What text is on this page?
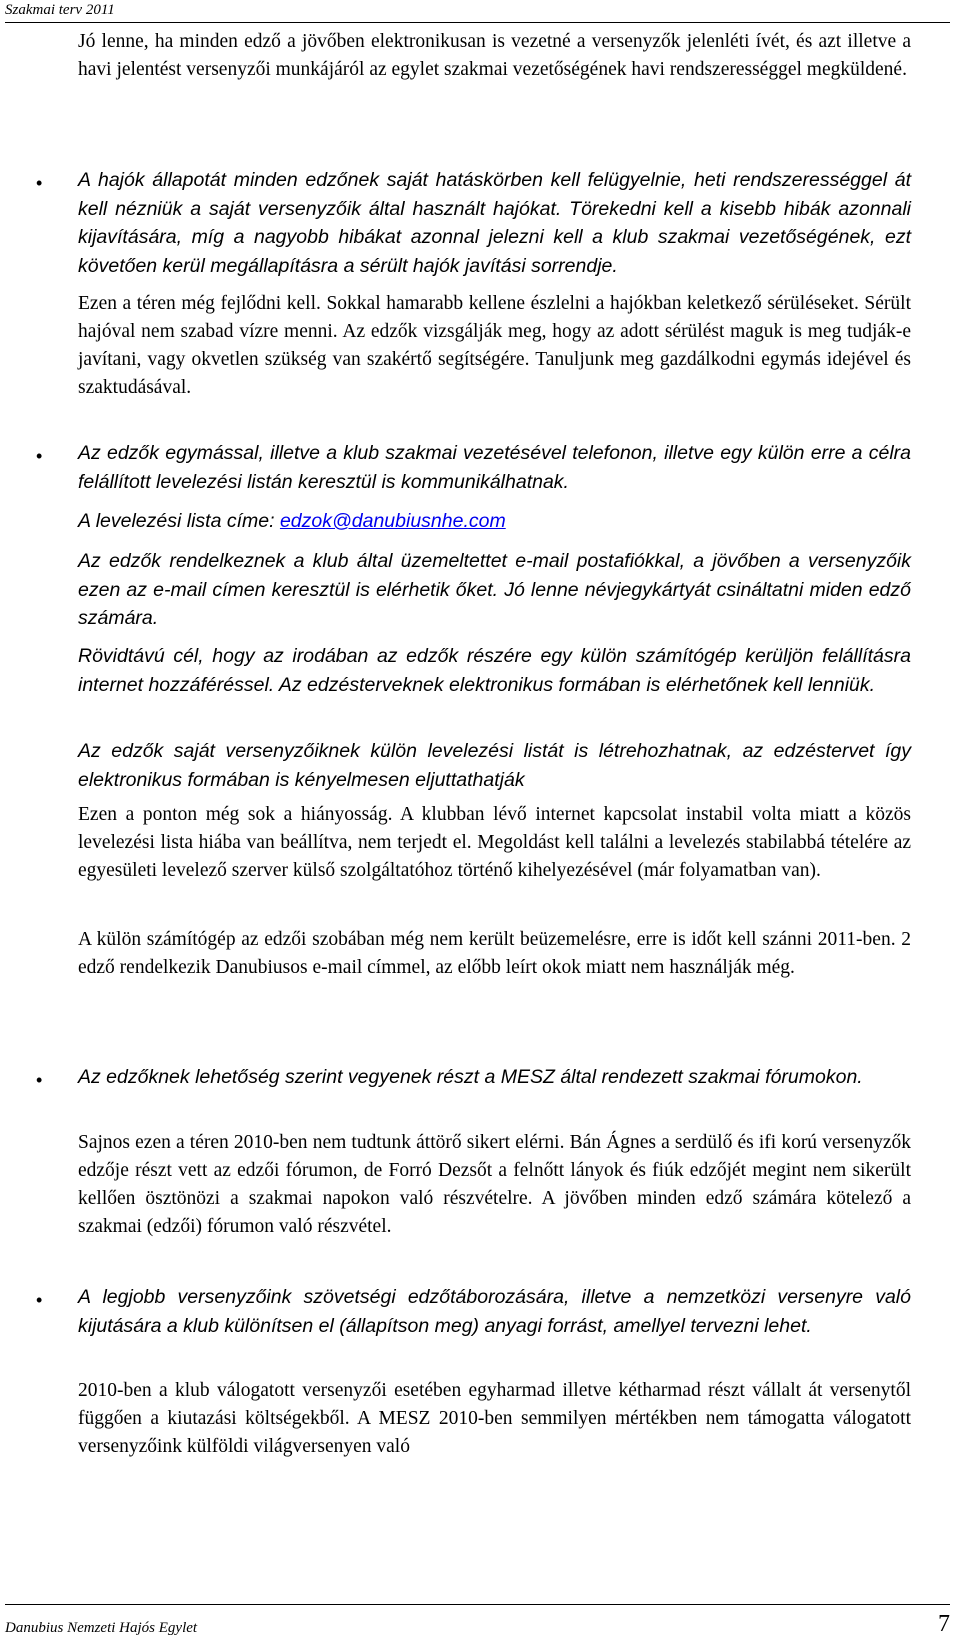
Szakmai terv 2011

Jó lenne, ha minden edző a jövőben elektronikusan is vezetné a versenyzők jelenléti ívét, és azt illetve a havi jelentést versenyzői munkájáról az egylet szakmai vezetőségének havi rendszerességgel megküldené.

• A hajók állapotát minden edzőnek saját hatáskörben kell felügyelnie, heti rendszerességgel át kell nézniük a saját versenyzőik által használt hajókat. Törekedni kell a kisebb hibák azonnali kijavítására, míg a nagyobb hibákat azonnal jelezni kell a klub szakmai vezetőségének, ezt követően kerül megállapításra a sérült hajók javítási sorrendje.

Ezen a téren még fejlődni kell. Sokkal hamarabb kellene észlelni a hajókban keletkező sérüléseket. Sérült hajóval nem szabad vízre menni. Az edzők vizsgálják meg, hogy az adott sérülést maguk is meg tudják-e javítani, vagy okvetlen szükség van szakértő segítségére. Tanuljunk meg gazdálkodni egymás idejével és szaktudásával.

• Az edzők egymással, illetve a klub szakmai vezetésével telefonon, illetve egy külön erre a célra felállított levelezési listán keresztül is kommunikálhatnak.

A levelezési lista címe: edzok@danubiusnhe.com

Az edzők rendelkeznek a klub által üzemeltettet e-mail postafiókkal, a jövőben a versenyzőik ezen az e-mail címen keresztül is elérhetik őket. Jó lenne névjegykártyát csináltatni miden edző számára.

Rövidtávú cél, hogy az irodában az edzők részére egy külön számítógép kerüljön felállításra internet hozzáféréssel. Az edzésterveknek elektronikus formában is elérhetőnek kell lenniük.

Az edzők saját versenyzőiknek külön levelezési listát is létrehozhatnak, az edzéstervet így elektronikus formában is kényelmesen eljuttathatják

Ezen a ponton még sok a hiányosság. A klubban lévő internet kapcsolat instabil volta miatt a közös levelezési lista hiába van beállítva, nem terjedt el. Megoldást kell találni a levelezés stabilabbá tételére az egyesületi levelező szerver külső szolgáltatóhoz történő kihelyezésével (már folyamatban van).

A külön számítógép az edzői szobában még nem került beüzemelésre, erre is időt kell szánni 2011-ben. 2 edző rendelkezik Danubiusos e-mail címmel, az előbb leírt okok miatt nem használják még.

• Az edzőknek lehetőség szerint vegyenek részt a MESZ által rendezett szakmai fórumokon.

Sajnos ezen a téren 2010-ben nem tudtunk áttörő sikert elérni. Bán Ágnes a serdülő és ifi korú versenyzők edzője részt vett az edzői fórumon, de Forró Dezsőt a felnőtt lányok és fiúk edzőjét megint nem sikerült kellően ösztönözi a szakmai napokon való részvételre. A jövőben minden edző számára kötelező a szakmai (edzői) fórumon való részvétel.

• A legjobb versenyzőink szövetségi edzőtáborozására, illetve a nemzetközi versenyre való kijutására a klub különítsen el (állapítson meg) anyagi forrást, amellyel tervezni lehet.

2010-ben a klub válogatott versenyzői esetében egyharmad illetve kétharmad részt vállalt át versenytől függően a kiutazási költségekből. A MESZ 2010-ben semmilyen mértékben nem támogatta válogatott versenyzőink külföldi világversenyen való

Danubius Nemzeti Hajós Egylet	7
